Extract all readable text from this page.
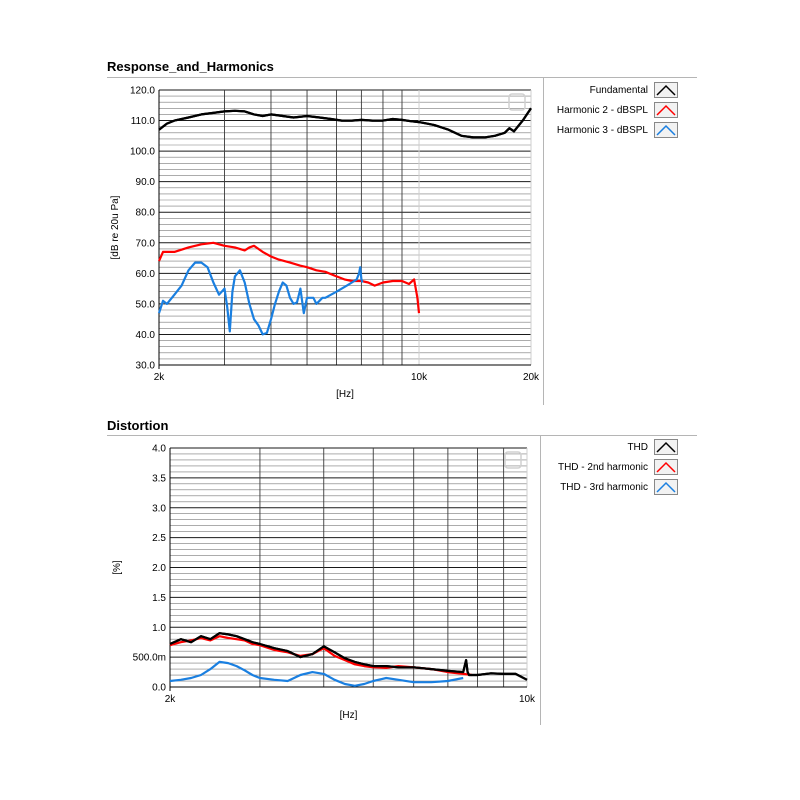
Response_and_Harmonics
Fundamental
Harmonic 2 - dBSPL
Harmonic 3 - dBSPL
Distortion
THD
THD - 2nd harmonic
THD - 3rd harmonic
30.0
40.0
50.0
60.0
70.0
80.0
90.0
100.0
110.0
120.0
2k	10k	20k
[Hz]
[dB re 20u Pa]
0.0
500.0m
1.0
1.5
2.0
2.5
3.0
3.5
4.0
2k	10k
[Hz]
[%]
